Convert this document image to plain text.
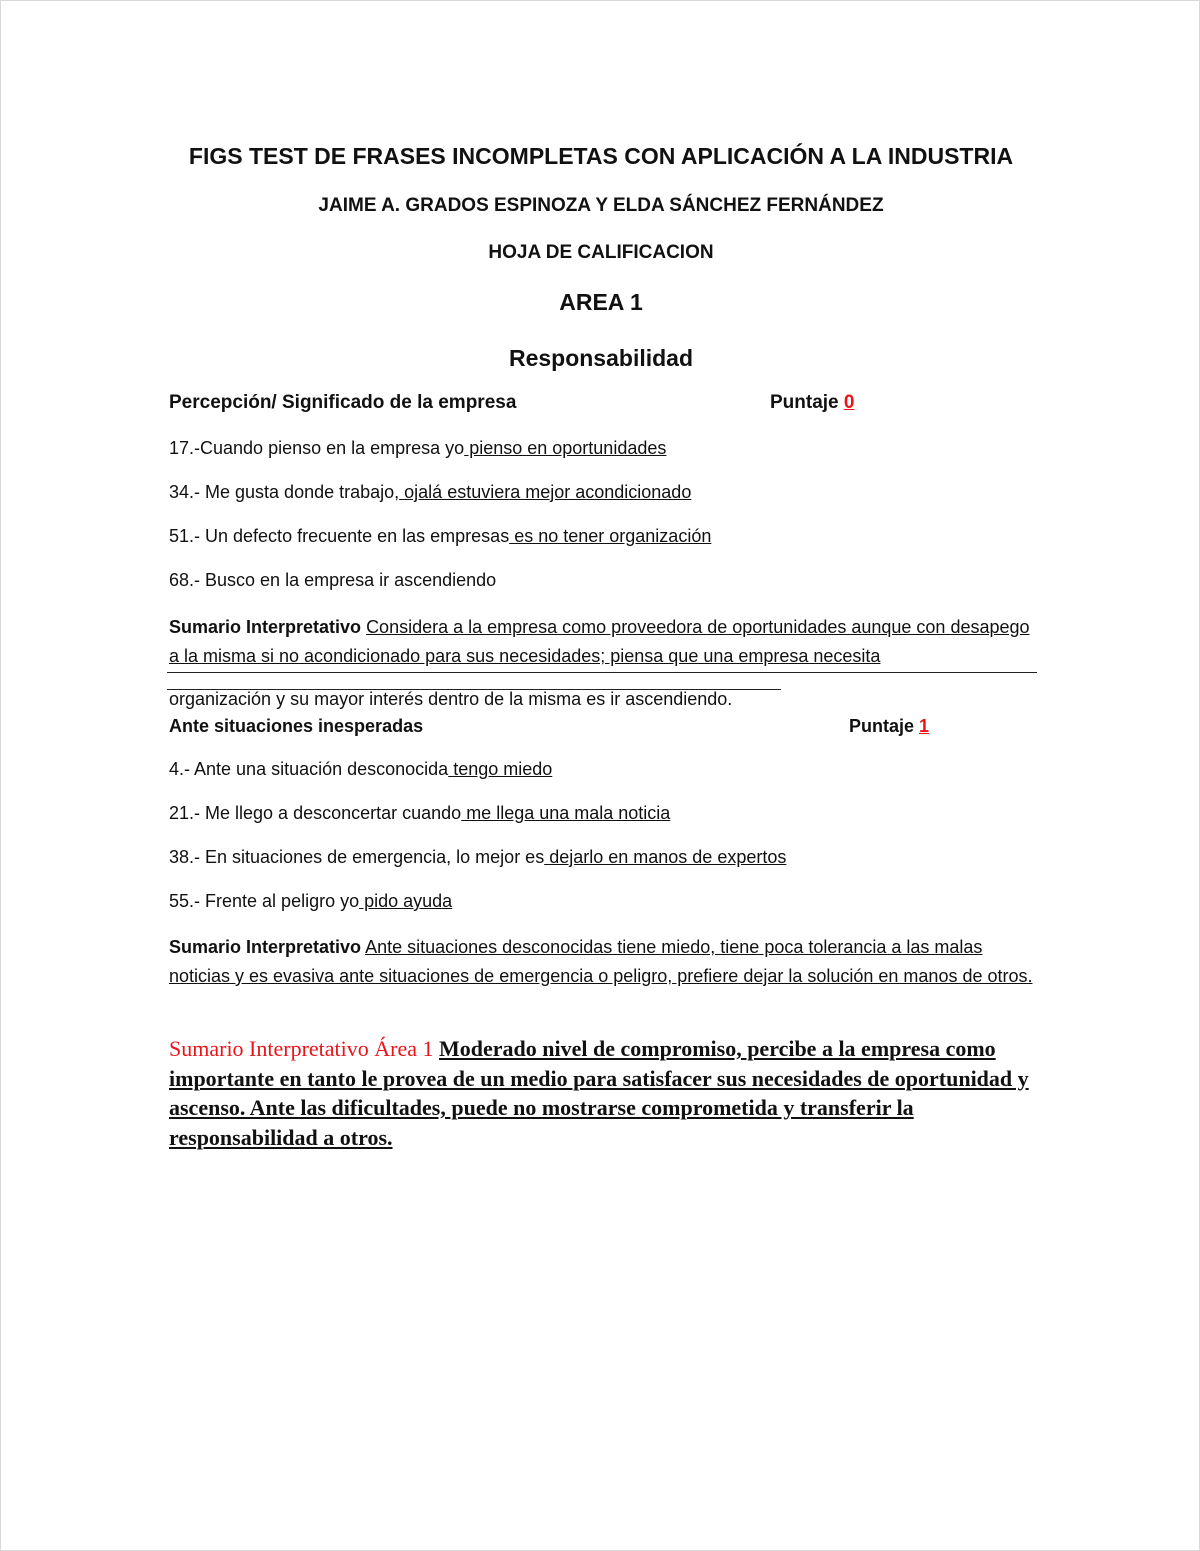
FIGS TEST DE FRASES INCOMPLETAS CON APLICACIÓN A LA INDUSTRIA
JAIME A. GRADOS ESPINOZA Y ELDA SÁNCHEZ FERNÁNDEZ
HOJA DE CALIFICACION
AREA 1
Responsabilidad
Percepción/ Significado de la empresa	Puntaje 0
17.-Cuando pienso en la empresa yo pienso en oportunidades
34.- Me gusta donde trabajo, ojalá estuviera mejor acondicionado
51.- Un defecto frecuente en las empresas es no tener organización
68.- Busco en la empresa ir ascendiendo
Sumario Interpretativo Considera a la empresa como proveedora de oportunidades aunque con desapego a la misma si no acondicionado para sus necesidades; piensa que una empresa necesita
organización y su mayor interés dentro de la misma es ir ascendiendo.
Ante situaciones inesperadas	Puntaje 1
4.- Ante una situación desconocida tengo miedo
21.- Me llego a desconcertar cuando me llega una mala noticia
38.- En situaciones de emergencia, lo mejor es dejarlo en manos de expertos
55.- Frente al peligro yo pido ayuda
Sumario Interpretativo Ante situaciones desconocidas tiene miedo, tiene poca tolerancia a las malas noticias y es evasiva ante situaciones de emergencia o peligro, prefiere dejar la solución en manos de otros.
Sumario Interpretativo Área 1 Moderado nivel de compromiso, percibe a la empresa como importante en tanto le provea de un medio para satisfacer sus necesidades de oportunidad y ascenso. Ante las dificultades, puede no mostrarse comprometida y transferir la responsabilidad a otros.
